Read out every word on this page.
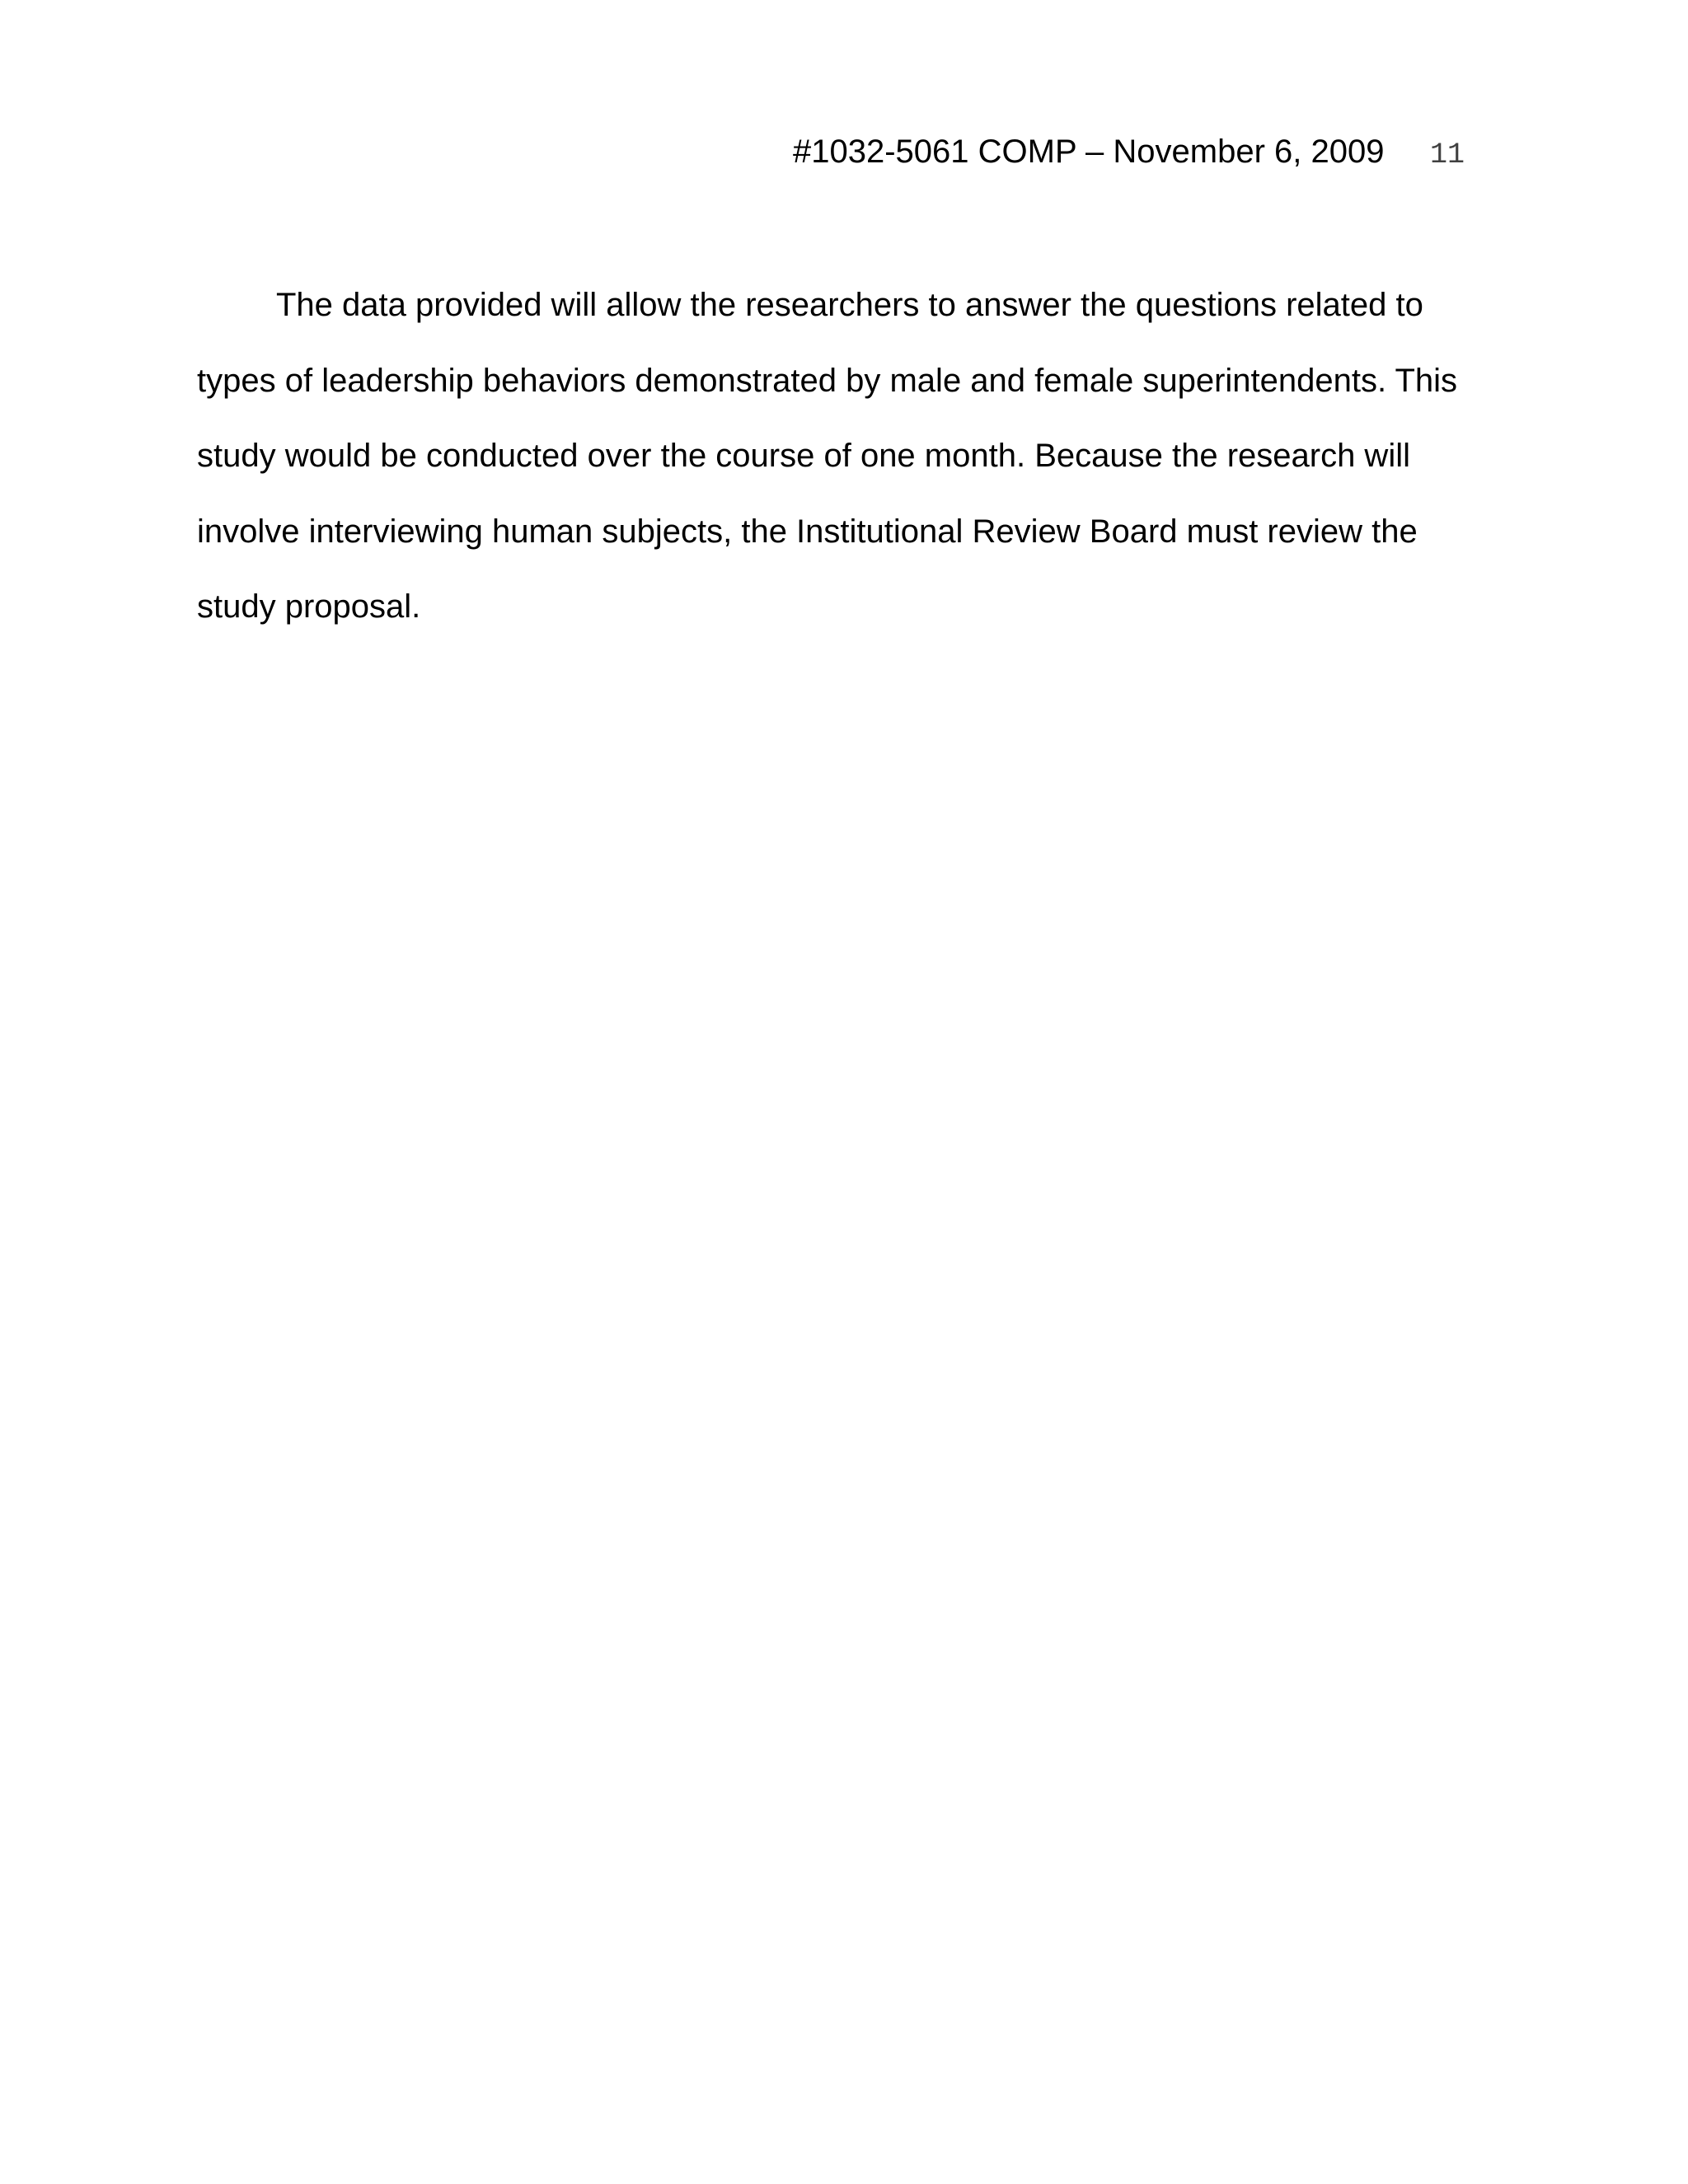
#1032-5061 COMP – November 6, 2009 11

The data provided will allow the researchers to answer the questions related to types of leadership behaviors demonstrated by male and female superintendents. This study would be conducted over the course of one month. Because the research will involve interviewing human subjects, the Institutional Review Board must review the study proposal.
